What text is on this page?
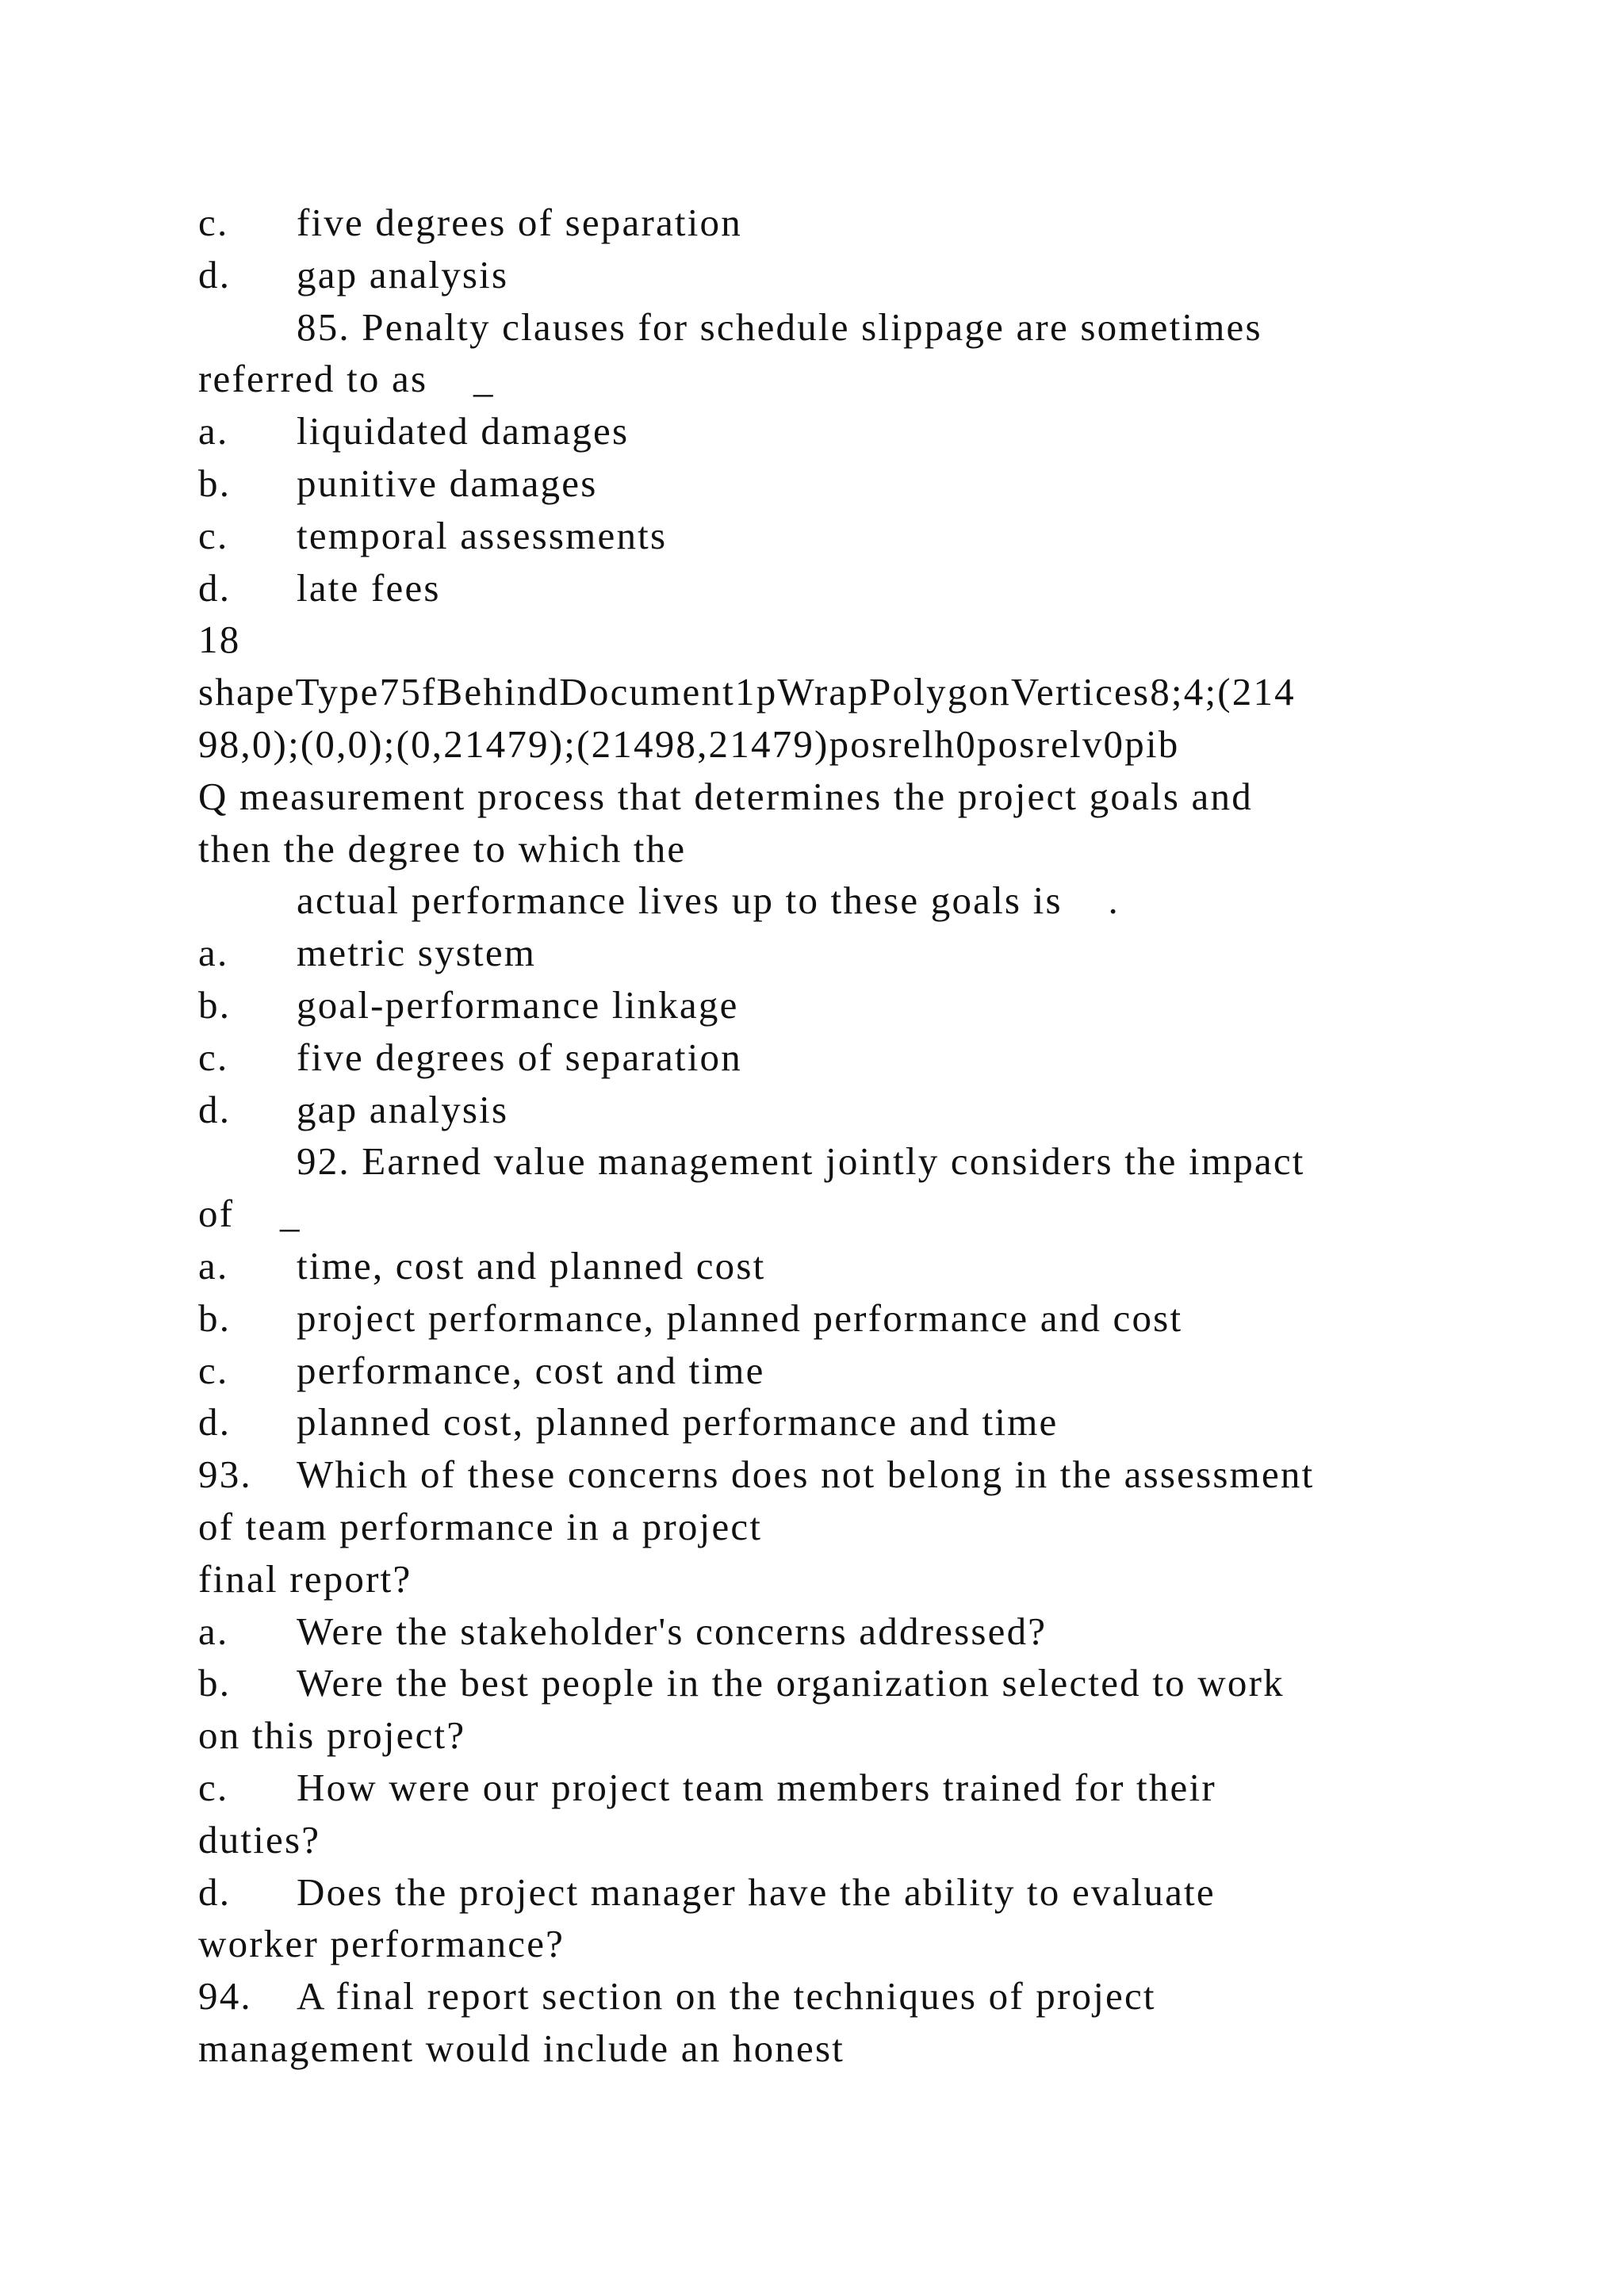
c. five degrees of separation
d. gap analysis
85. Penalty clauses for schedule slippage are sometimes
referred to as    _
a. liquidated damages
b. punitive damages
c. temporal assessments
d. late fees
18
shapeType75fBehindDocument1pWrapPolygonVertices8;4;(214
98,0);(0,0);(0,21479);(21498,21479)posrelh0posrelv0pib
Q measurement process that determines the project goals and
then the degree to which the
actual performance lives up to these goals is    .
a. metric system
b. goal-performance linkage
c. five degrees of separation
d. gap analysis
92. Earned value management jointly considers the impact
of    _
a. time, cost and planned cost
b. project performance, planned performance and cost
c. performance, cost and time
d. planned cost, planned performance and time
93. Which of these concerns does not belong in the assessment
of team performance in a project
final report?
a. Were the stakeholder's concerns addressed?
b. Were the best people in the organization selected to work
on this project?
c. How were our project team members trained for their
duties?
d. Does the project manager have the ability to evaluate
worker performance?
94. A final report section on the techniques of project
management would include an honest
